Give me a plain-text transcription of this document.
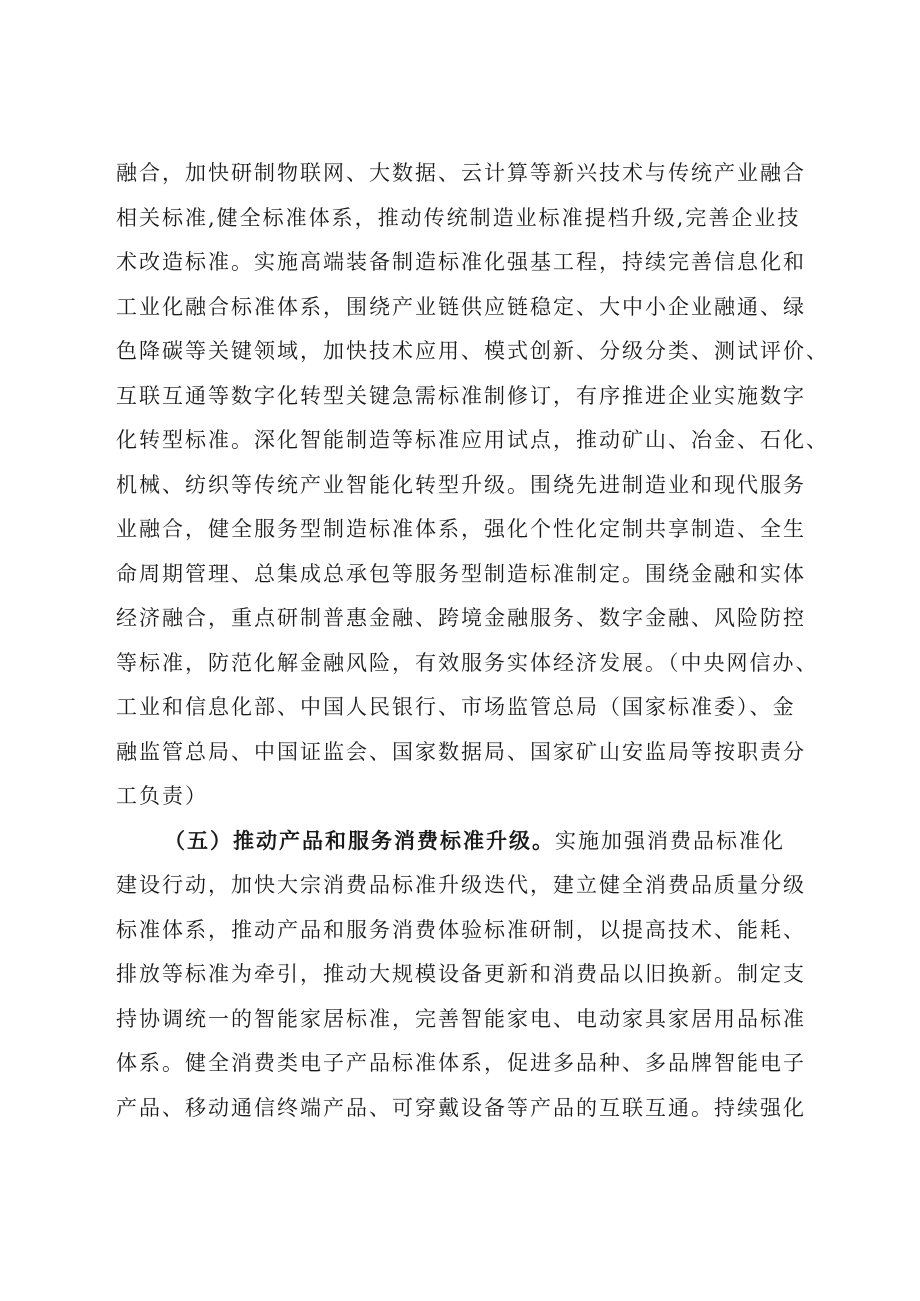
融合，加快研制物联网、大数据、云计算等新兴技术与传统产业融合
相关标准,健全标准体系，推动传统制造业标准提档升级,完善企业技
术改造标准。实施高端装备制造标准化强基工程，持续完善信息化和
工业化融合标准体系，围绕产业链供应链稳定、大中小企业融通、绿
色降碳等关键领域，加快技术应用、模式创新、分级分类、测试评价、
互联互通等数字化转型关键急需标准制修订，有序推进企业实施数字
化转型标准。深化智能制造等标准应用试点，推动矿山、冶金、石化、
机械、纺织等传统产业智能化转型升级。围绕先进制造业和现代服务
业融合，健全服务型制造标准体系，强化个性化定制共享制造、全生
命周期管理、总集成总承包等服务型制造标准制定。围绕金融和实体
经济融合，重点研制普惠金融、跨境金融服务、数字金融、风险防控
等标准，防范化解金融风险，有效服务实体经济发展。（中央网信办、
工业和信息化部、中国人民银行、市场监管总局（国家标准委）、金
融监管总局、中国证监会、国家数据局、国家矿山安监局等按职责分
工负责）
（五）推动产品和服务消费标准升级。实施加强消费品标准化
建设行动，加快大宗消费品标准升级迭代，建立健全消费品质量分级
标准体系，推动产品和服务消费体验标准研制，以提高技术、能耗、
排放等标准为牵引，推动大规模设备更新和消费品以旧换新。制定支
持协调统一的智能家居标准，完善智能家电、电动家具家居用品标准
体系。健全消费类电子产品标准体系，促进多品种、多品牌智能电子
产品、移动通信终端产品、可穿戴设备等产品的互联互通。持续强化
